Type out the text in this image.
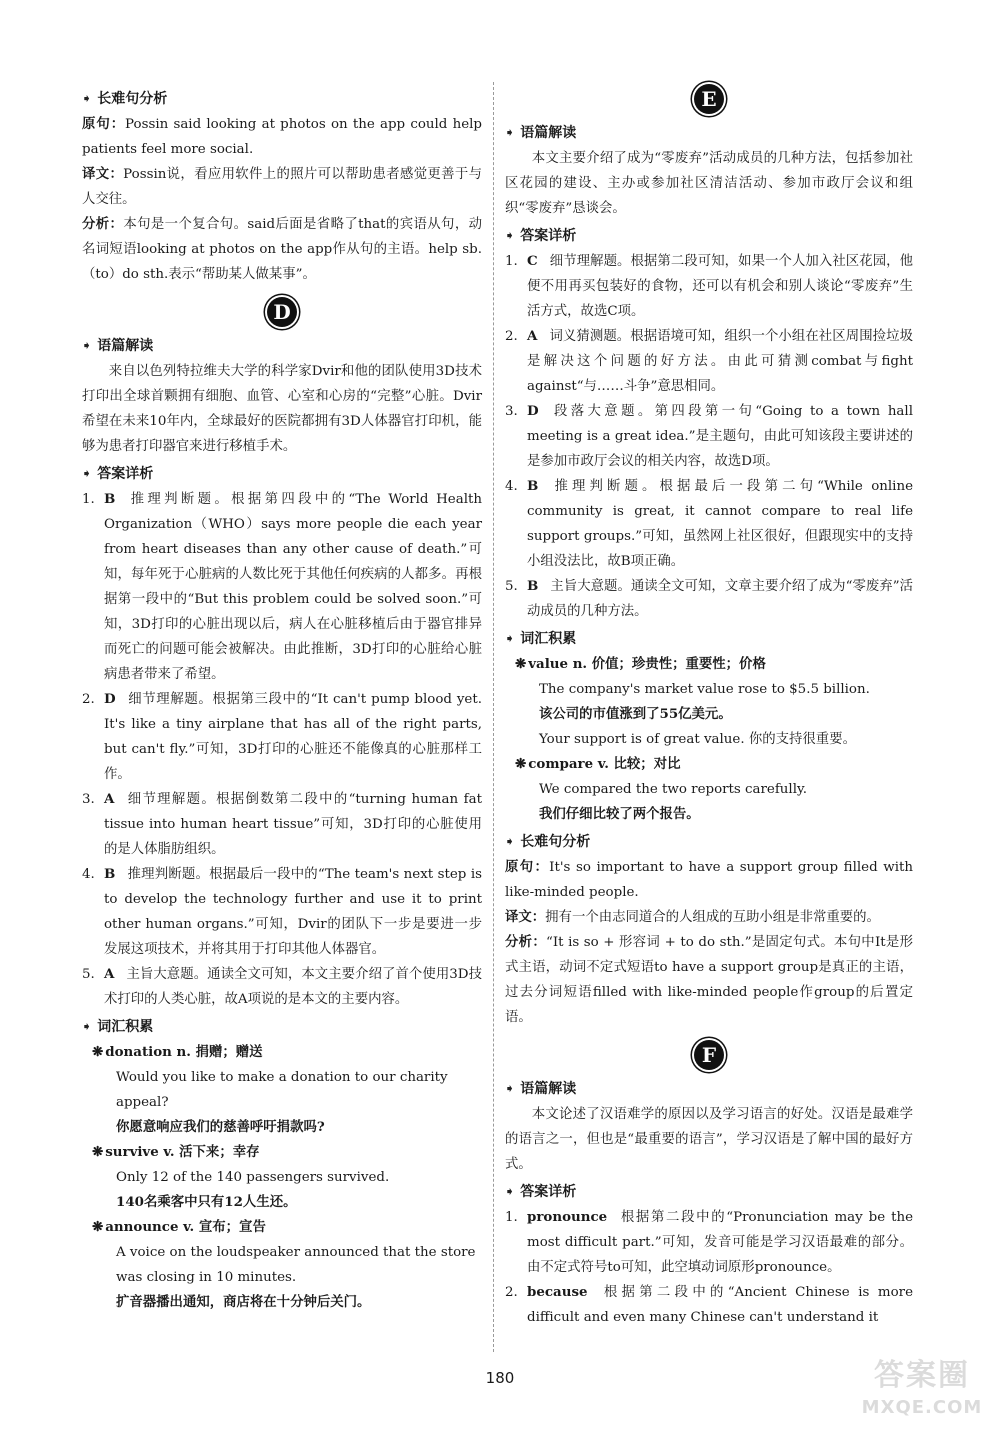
➧ 长难句分析

原句：Possin said looking at photos on the app could help patients feel more social.

译文：Possin说，看应用软件上的照片可以帮助患者感觉更善于与人交往。

分析：本句是一个复合句。said后面是省略了that的宾语从句，动名词短语looking at photos on the app作从句的主语。help sb.（to）do sth.表示“帮助某人做某事”。

D
➧ 语篇解读

来自以色列特拉维夫大学的科学家Dvir和他的团队使用3D技术打印出全球首颗拥有细胞、血管、心室和心房的“完整”心脏。Dvir希望在未来10年内，全球最好的医院都拥有3D人体器官打印机，能够为患者打印器官来进行移植手术。

➧ 答案详析
1. B 推理判断题。根据第四段中的“The World Health Organization（WHO）says more people die each year from heart diseases than any other cause of death.”可知，每年死于心脏病的人数比死于其他任何疾病的人都多。再根据第一段中的“But this problem could be solved soon.”可知，3D打印的心脏出现以后，病人在心脏移植后由于器官排异而死亡的问题可能会被解决。由此推断，3D打印的心脏给心脏病患者带来了希望。
2. D 细节理解题。根据第三段中的“It can't pump blood yet. It's like a tiny airplane that has all of the right parts, but can't fly.”可知，3D打印的心脏还不能像真的心脏那样工作。
3. A 细节理解题。根据倒数第二段中的“turning human fat tissue into human heart tissue”可知，3D打印的心脏使用的是人体脂肪组织。
4. B 推理判断题。根据最后一段中的“The team's next step is to develop the technology further and use it to print other human organs.”可知，Dvir的团队下一步是要进一步发展这项技术，并将其用于打印其他人体器官。
5. A 主旨大意题。通读全文可知，本文主要介绍了首个使用3D技术打印的人类心脏，故A项说的是本文的主要内容。
➧ 词汇积累
❋ donation n. 捐赠；赠送
Would you like to make a donation to our charity appeal?
你愿意响应我们的慈善呼吁捐款吗?
❋ survive v. 活下来；幸存
Only 12 of the 140 passengers survived.
140名乘客中只有12人生还。
❋ announce v. 宣布；宣告
A voice on the loudspeaker announced that the store was closing in 10 minutes.
扩音器播出通知，商店将在十分钟后关门。
E
➧ 语篇解读

本文主要介绍了成为“零废弃”活动成员的几种方法，包括参加社区花园的建设、主办或参加社区清洁活动、参加市政厅会议和组织“零废弃”恳谈会。

➧ 答案详析
1. C 细节理解题。根据第二段可知，如果一个人加入社区花园，他便不用再买包装好的食物，还可以有机会和别人谈论“零废弃”生活方式，故选C项。
2. A 词义猜测题。根据语境可知，组织一个小组在社区周围捡垃圾是解决这个问题的好方法。由此可猜测combat与fight against“与……斗争”意思相同。
3. D 段落大意题。第四段第一句“Going to a town hall meeting is a great idea.”是主题句，由此可知该段主要讲述的是参加市政厅会议的相关内容，故选D项。
4. B 推理判断题。根据最后一段第二句“While online community is great, it cannot compare to real life support groups.”可知，虽然网上社区很好，但跟现实中的支持小组没法比，故B项正确。
5. B 主旨大意题。通读全文可知，文章主要介绍了成为“零废弃”活动成员的几种方法。
➧ 词汇积累
❋ value n. 价值；珍贵性；重要性；价格
The company's market value rose to $5.5 billion.
该公司的市值涨到了55亿美元。
Your support is of great value. 你的支持很重要。
❋ compare v. 比较；对比
We compared the two reports carefully.
我们仔细比较了两个报告。
➧ 长难句分析

原句：It's so important to have a support group filled with like-minded people.

译文：拥有一个由志同道合的人组成的互助小组是非常重要的。

分析：“It is so + 形容词 + to do sth.”是固定句式。本句中It是形式主语，动词不定式短语to have a support group是真正的主语，过去分词短语filled with like-minded people作group的后置定语。

F
➧ 语篇解读

本文论述了汉语难学的原因以及学习语言的好处。汉语是最难学的语言之一，但也是“最重要的语言”，学习汉语是了解中国的最好方式。

➧ 答案详析
1. pronounce 根据第二段中的“Pronunciation may be the most difficult part.”可知，发音可能是学习汉语最难的部分。由不定式符号to可知，此空填动词原形pronounce。
2. because 根据第二段中的“Ancient Chinese is more difficult and even many Chinese can't understand it
180	答案圈
MXQE.COM
